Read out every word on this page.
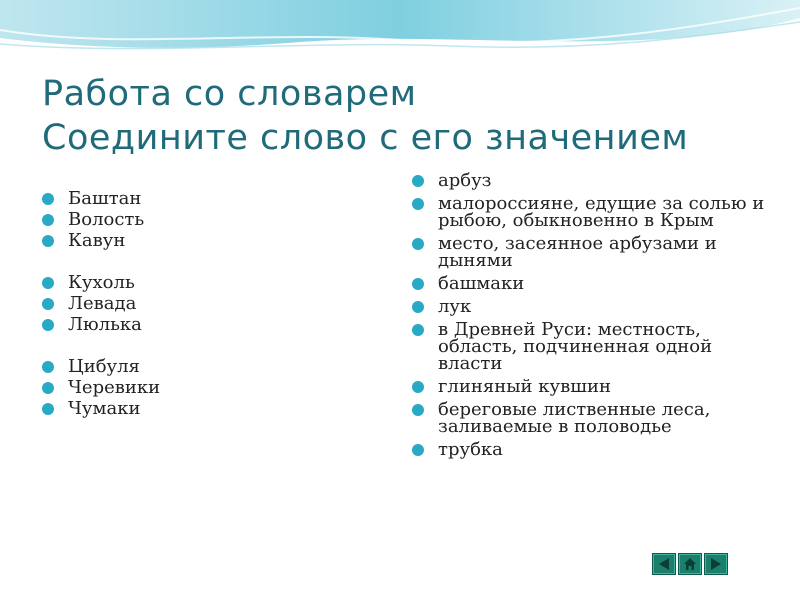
Работа со словарем
Соедините слово с его значением
Баштан
Волость
Кавун
Кухоль
Левада
Люлька
Цибуля
Черевики
Чумаки
арбуз
малороссияне, едущие за солью и рыбою, обыкновенно в Крым
место, засеянное арбузами и дынями
башмаки
лук
в Древней Руси: местность, область, подчиненная одной власти
глиняный кувшин
береговые лиственные леса, заливаемые в половодье
трубка
